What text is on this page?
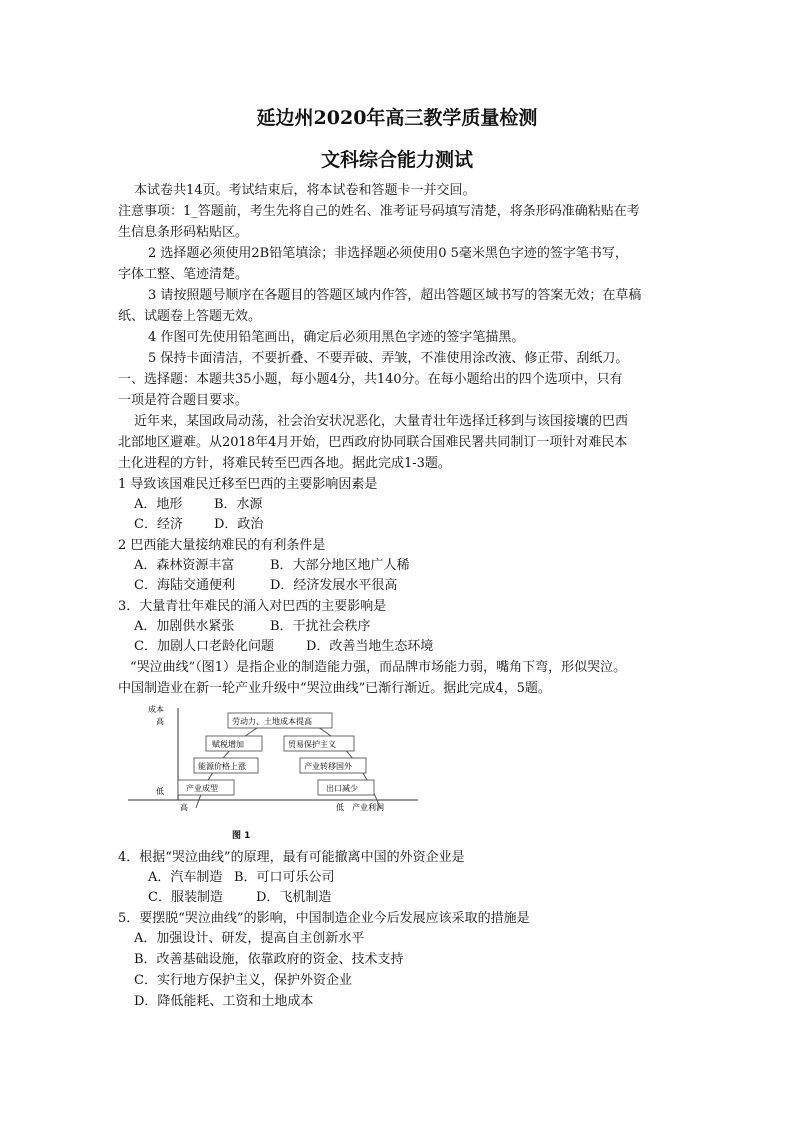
延边州2020年高三教学质量检测
文科综合能力测试
本试卷共14页。考试结束后，将本试卷和答题卡一并交回。
注意事项：1_答题前，考生先将自己的姓名、准考证号码填写清楚，将条形码准确粘贴在考
生信息条形码粘贴区。
2 选择题必须使用2B铅笔填涂；非选择题必须使用0 5毫米黑色字迹的签字笔书写，
字体工整、笔迹清楚。
3 请按照题号顺序在各题目的答题区域内作答，超出答题区域书写的答案无效；在草稿
纸、试题卷上答题无效。
4 作图可先使用铅笔画出，确定后必须用黑色字迹的签字笔描黑。
5 保持卡面清洁，不要折叠、不要弄破、弄皱，不准使用涂改液、修正带、刮纸刀。
一、选择题：本题共35小题，每小题4分，共140分。在每小题给出的四个选项中，只有
一项是符合题目要求。
近年来，某国政局动荡，社会治安状况恶化，大量青壮年选择迁移到与该国接壤的巴西
北部地区避难。从2018年4月开始，巴西政府协同联合国难民署共同制订一项针对难民本
土化进程的方针，将难民转至巴西各地。据此完成1-3题。
1 导致该国难民迁移至巴西的主要影响因素是
A．地形 B．水源
C．经济 D．政治
2 巴西能大量接纳难民的有利条件是
A．森林资源丰富	B．大部分地区地广人稀
C．海陆交通便利	D．经济发展水平很高
3．大量青壮年难民的涌入对巴西的主要影响是
A．加剧供水紧张	B．干扰社会秩序
C．加剧人口老龄化问题 D．改善当地生态环境
“哭泣曲线”（图1）是指企业的制造能力强，而品牌市场能力弱，嘴角下弯，形似哭泣。
中国制造业在新一轮产业升级中“哭泣曲线”已渐行渐近。据此完成4，5题。
成本
高
低
高	低 产业利润
劳动力、土地成本提高
赋税增加
能源价格上涨
产业成型
贸易保护主义
产业转移国外
出口减少
图 1
4．根据“哭泣曲线”的原理，最有可能撤离中国的外资企业是
A．汽车制造 B．可口可乐公司
C．服装制造	D．飞机制造
5．要摆脱“哭泣曲线”的影响，中国制造企业今后发展应该采取的措施是
A．加强设计、研发，提高自主创新水平
B．改善基础设施，依靠政府的资金、技术支持
C．实行地方保护主义，保护外资企业
D．降低能耗、工资和土地成本
